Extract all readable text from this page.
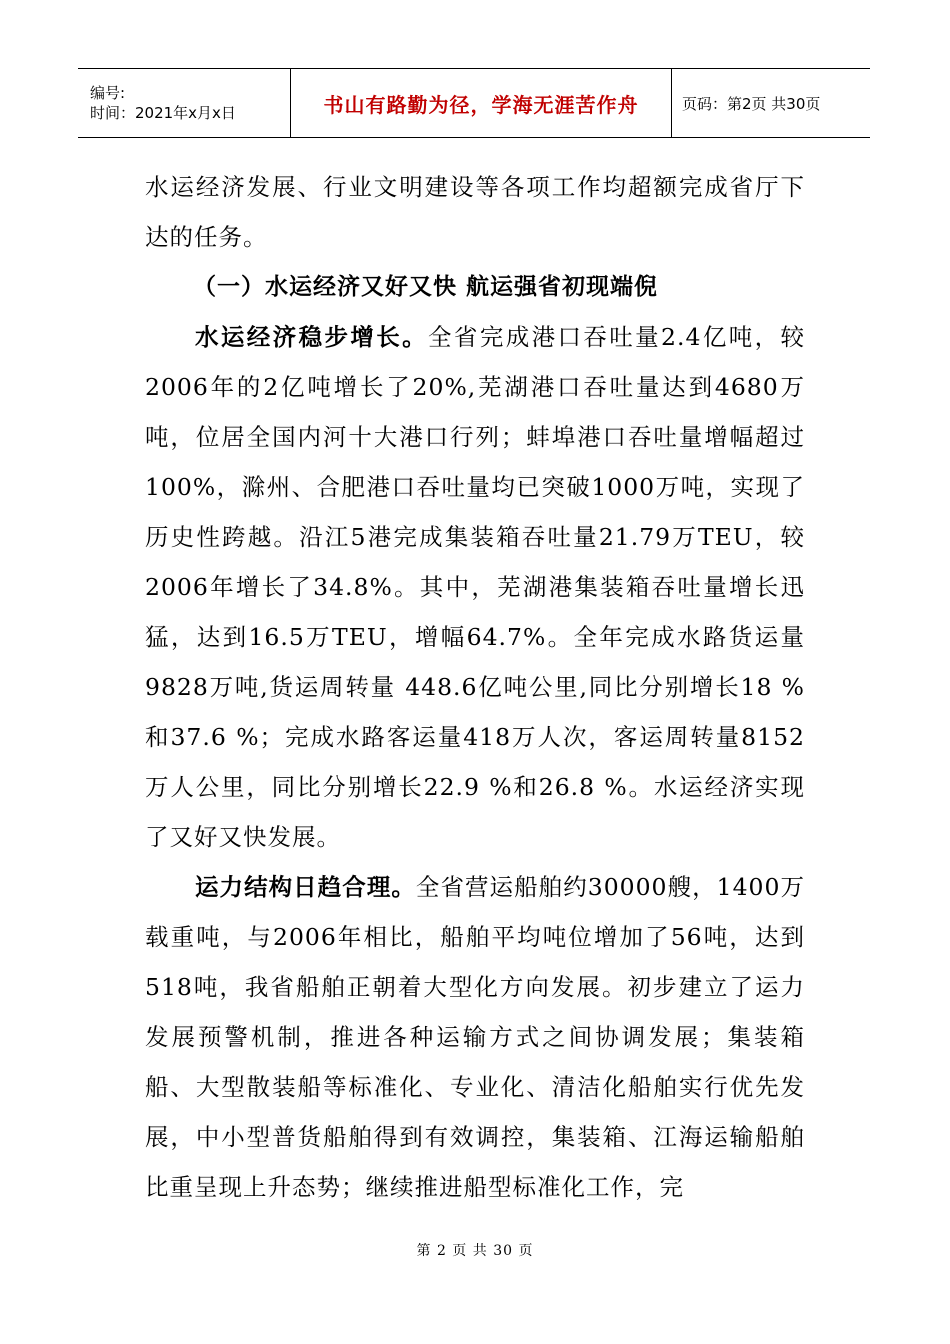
编号:
时间：2021年x月x日	书山有路勤为径，学海无涯苦作舟	页码：第2页 共30页

水运经济发展、行业文明建设等各项工作均超额完成省厅下达的任务。

（一）水运经济又好又快 航运强省初现端倪

水运经济稳步增长。全省完成港口吞吐量2.4亿吨，较2006年的2亿吨增长了20%,芜湖港口吞吐量达到4680万吨，位居全国内河十大港口行列；蚌埠港口吞吐量增幅超过100%，滁州、合肥港口吞吐量均已突破1000万吨，实现了历史性跨越。沿江5港完成集装箱吞吐量21.79万TEU，较2006年增长了34.8%。其中，芜湖港集装箱吞吐量增长迅猛，达到16.5万TEU，增幅64.7%。全年完成水路货运量 9828万吨,货运周转量 448.6亿吨公里,同比分别增长18 %和37.6 %；完成水路客运量418万人次，客运周转量8152 万人公里，同比分别增长22.9 %和26.8 %。水运经济实现了又好又快发展。

运力结构日趋合理。全省营运船舶约30000艘，1400万载重吨，与2006年相比，船舶平均吨位增加了56吨，达到518吨，我省船舶正朝着大型化方向发展。初步建立了运力发展预警机制，推进各种运输方式之间协调发展；集装箱船、大型散装船等标准化、专业化、清洁化船舶实行优先发展，中小型普货船舶得到有效调控，集装箱、江海运输船舶比重呈现上升态势；继续推进船型标准化工作，完

第 2 页 共 30 页
